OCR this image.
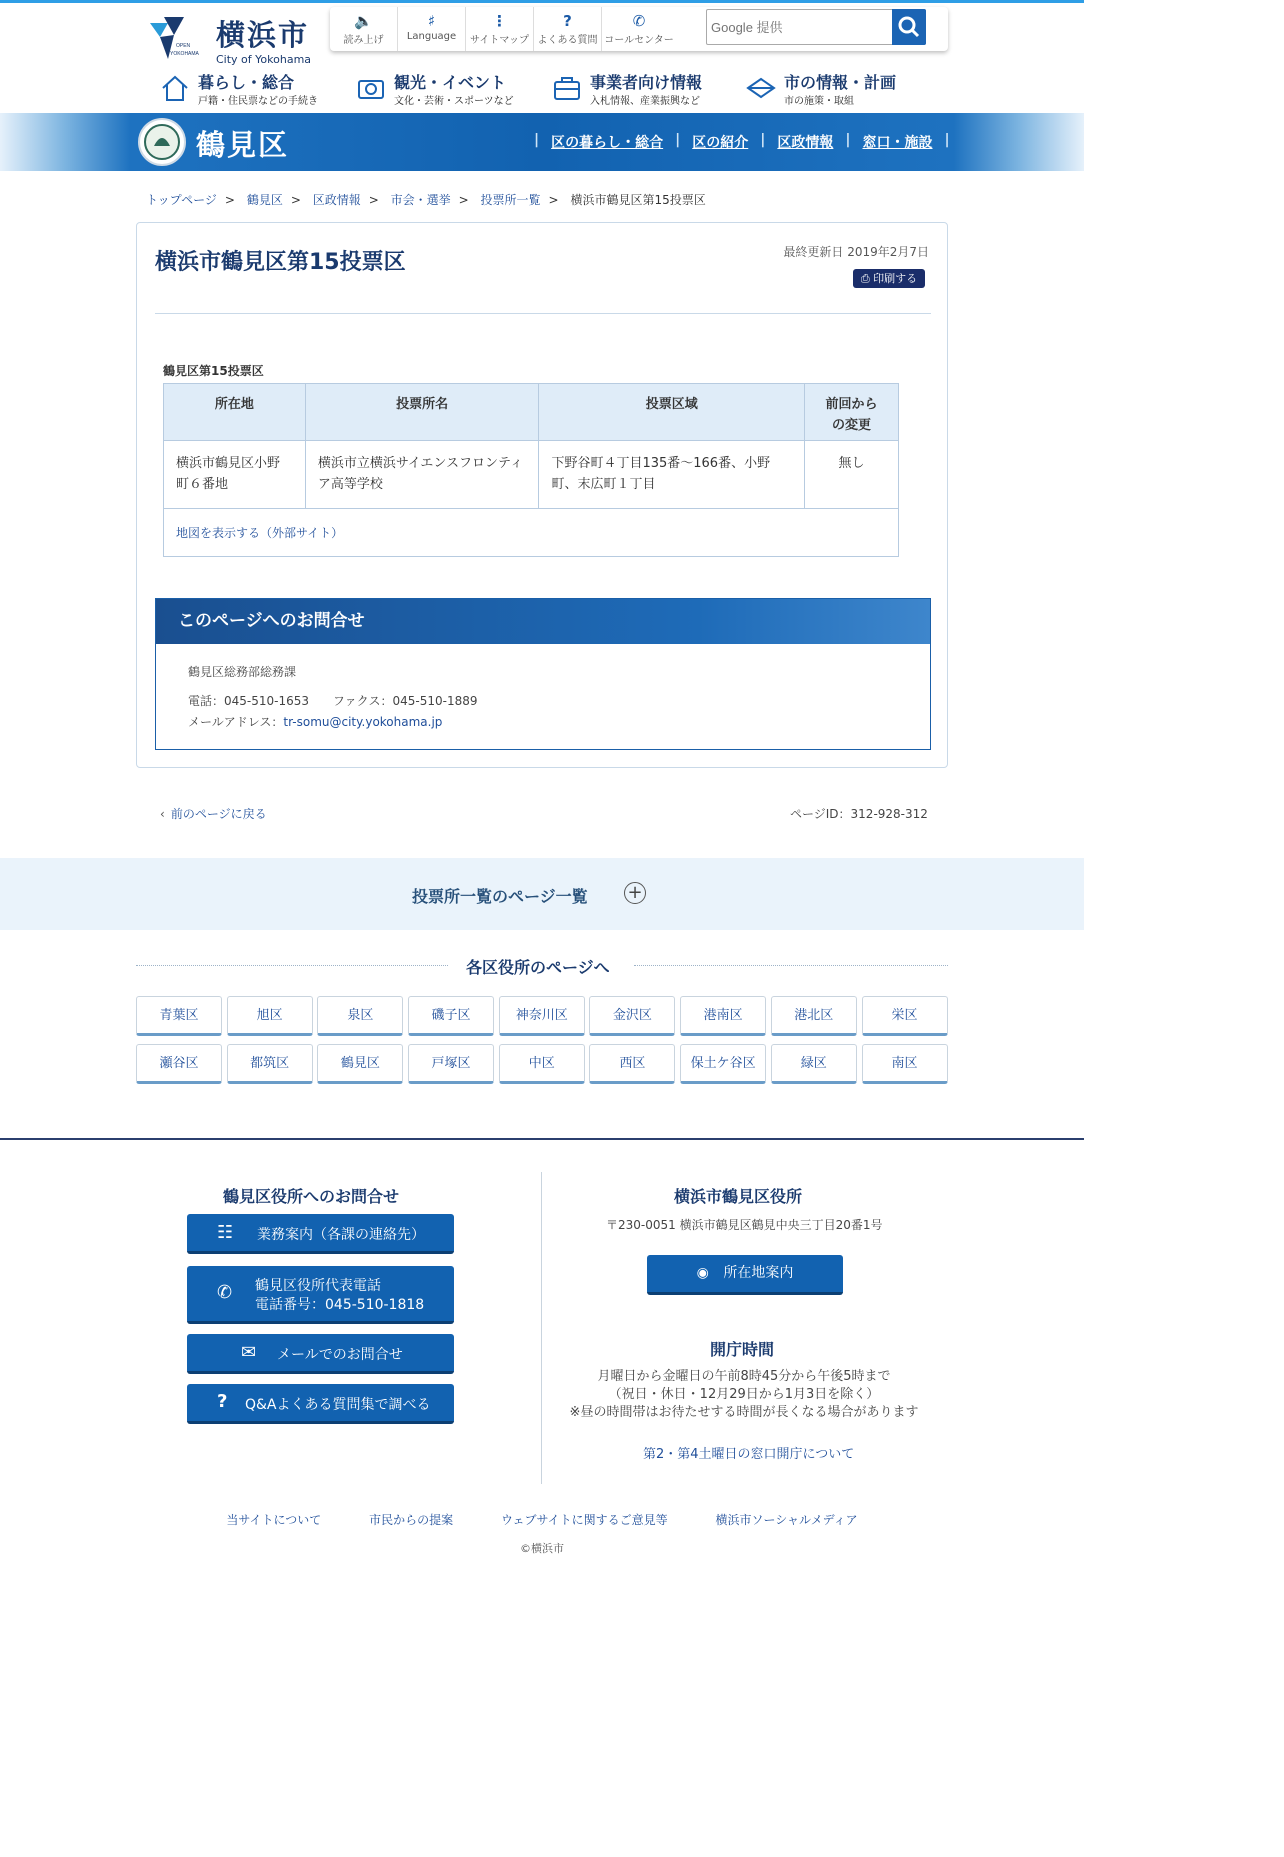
OPEN
YOKOHAMA
横浜市
City of Yokohama
🔈
読み上げ
♯
Language
⋮
サイトマップ
?
よくある質問
✆
コールセンター
Google 提供
暮らし・総合
戸籍・住民票などの手続き
観光・イベント
文化・芸術・スポーツなど
事業者向け情報
入札情報、産業振興など
市の情報・計画
市の施策・取組
鶴見区	| 区の暮らし・総合 | 区の紹介 | 区政情報 | 窓口・施設 |
トップページ > 鶴見区 > 区政情報 > 市会・選挙 > 投票所一覧 > 横浜市鶴見区第15投票区
横浜市鶴見区第15投票区	最終更新日 2019年2月7日
⎙ 印刷する
鶴見区第15投票区
所在地	投票所名	投票区域	前回からの変更
横浜市鶴見区小野町６番地	横浜市立横浜サイエンスフロンティア高等学校	下野谷町４丁目135番～166番、小野町、末広町１丁目	無し
地図を表示する（外部サイト）			
このページへのお問合せ
鶴見区総務部総務課
電話：045-510-1653 ファクス：045-510-1889
メールアドレス：tr-somu@city.yokohama.jp
‹ 前のページに戻る	ページID：312-928-312
投票所一覧のページ一覧 +
各区役所のページへ
青葉区	旭区	泉区	磯子区	神奈川区	金沢区	港南区	港北区	栄区
瀬谷区	都筑区	鶴見区	戸塚区	中区	西区	保土ケ谷区	緑区	南区
鶴見区役所へのお問合せ
☷ 業務案内（各課の連絡先）
✆ 鶴見区役所代表電話
電話番号：045-510-1818
✉ メールでのお問合せ
? Q&Aよくある質問集で調べる
横浜市鶴見区役所
〒230-0051 横浜市鶴見区鶴見中央三丁目20番1号
◉ 所在地案内
開庁時間
月曜日から金曜日の午前8時45分から午後5時まで
（祝日・休日・12月29日から1月3日を除く）
※昼の時間帯はお待たせする時間が長くなる場合があります
第2・第4土曜日の窓口開庁について
当サイトについて	市民からの提案	ウェブサイトに関するご意見等	横浜市ソーシャルメディア
©横浜市
